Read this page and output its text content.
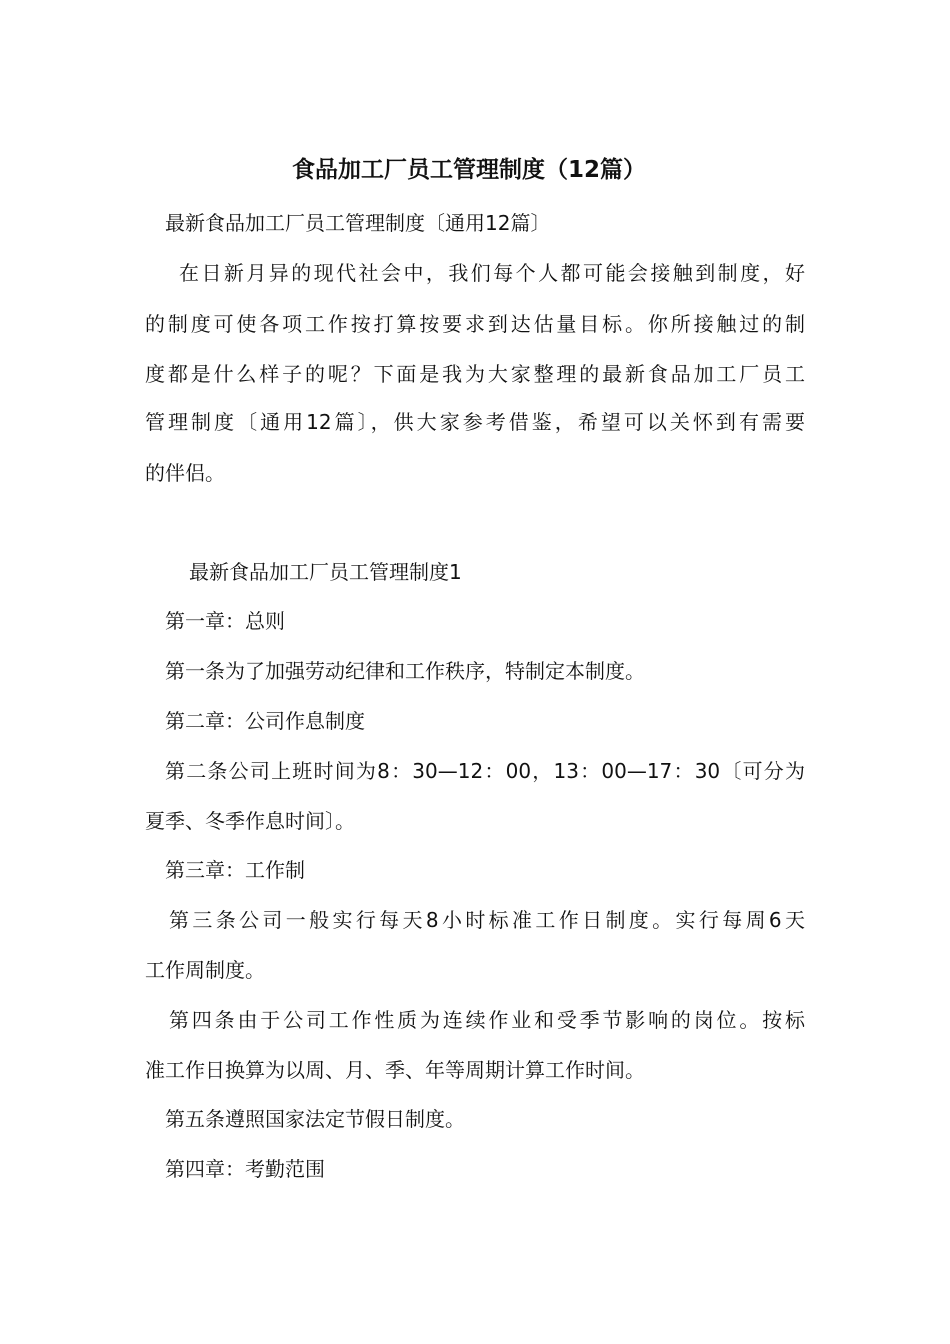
食品加工厂员工管理制度（12篇）
最新食品加工厂员工管理制度〔通用12篇〕
在日新月异的现代社会中，我们每个人都可能会接触到制度，好
的制度可使各项工作按打算按要求到达估量目标。你所接触过的制
度都是什么样子的呢？下面是我为大家整理的最新食品加工厂员工
管理制度〔通用12篇〕，供大家参考借鉴，希望可以关怀到有需要
的伴侣。
最新食品加工厂员工管理制度1
第一章：总则
第一条为了加强劳动纪律和工作秩序，特制定本制度。
第二章：公司作息制度
第二条公司上班时间为8：30—12：00，13：00—17：30〔可分为
夏季、冬季作息时间〕。
第三章：工作制
第三条公司一般实行每天8小时标准工作日制度。实行每周6天
工作周制度。
第四条由于公司工作性质为连续作业和受季节影响的岗位。按标
准工作日换算为以周、月、季、年等周期计算工作时间。
第五条遵照国家法定节假日制度。
第四章：考勤范围
